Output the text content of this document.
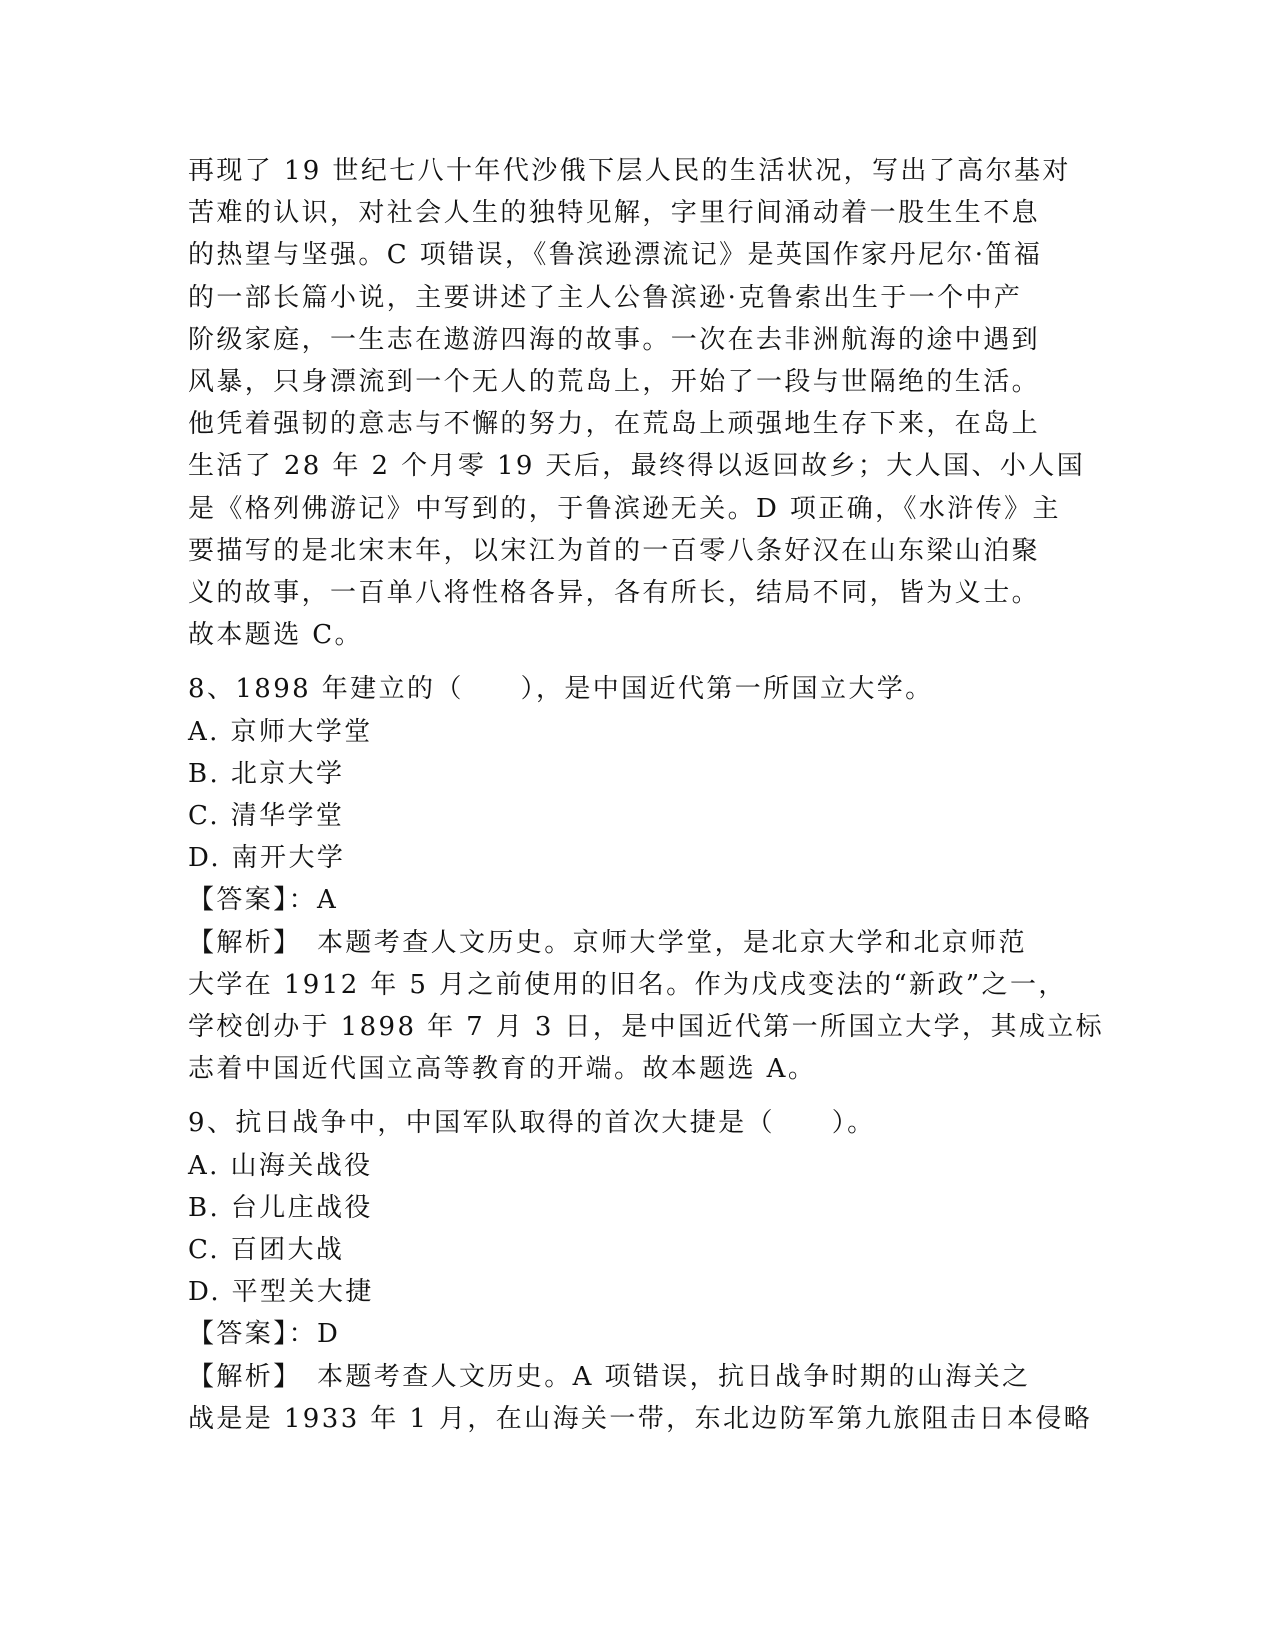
再现了 19 世纪七八十年代沙俄下层人民的生活状况，写出了高尔基对
苦难的认识，对社会人生的独特见解，字里行间涌动着一股生生不息
的热望与坚强。C 项错误，《鲁滨逊漂流记》是英国作家丹尼尔·笛福
的一部长篇小说，主要讲述了主人公鲁滨逊·克鲁索出生于一个中产
阶级家庭，一生志在遨游四海的故事。一次在去非洲航海的途中遇到
风暴，只身漂流到一个无人的荒岛上，开始了一段与世隔绝的生活。
他凭着强韧的意志与不懈的努力，在荒岛上顽强地生存下来，在岛上
生活了 28 年 2 个月零 19 天后，最终得以返回故乡；大人国、小人国
是《格列佛游记》中写到的，于鲁滨逊无关。D 项正确，《水浒传》主
要描写的是北宋末年，以宋江为首的一百零八条好汉在山东梁山泊聚
义的故事，一百单八将性格各异，各有所长，结局不同，皆为义士。
故本题选 C。

8、1898 年建立的（　　），是中国近代第一所国立大学。

A. 京师大学堂
B. 北京大学
C. 清华学堂
D. 南开大学
【答案】：A
【解析】　本题考查人文历史。京师大学堂，是北京大学和北京师范
大学在 1912 年 5 月之前使用的旧名。作为戊戌变法的“新政”之一，
学校创办于 1898 年 7 月 3 日，是中国近代第一所国立大学，其成立标
志着中国近代国立高等教育的开端。故本题选 A。

9、抗日战争中，中国军队取得的首次大捷是（　　）。

A. 山海关战役
B. 台儿庄战役
C. 百团大战
D. 平型关大捷
【答案】：D
【解析】　本题考查人文历史。A 项错误，抗日战争时期的山海关之
战是是 1933 年 1 月，在山海关一带，东北边防军第九旅阻击日本侵略
